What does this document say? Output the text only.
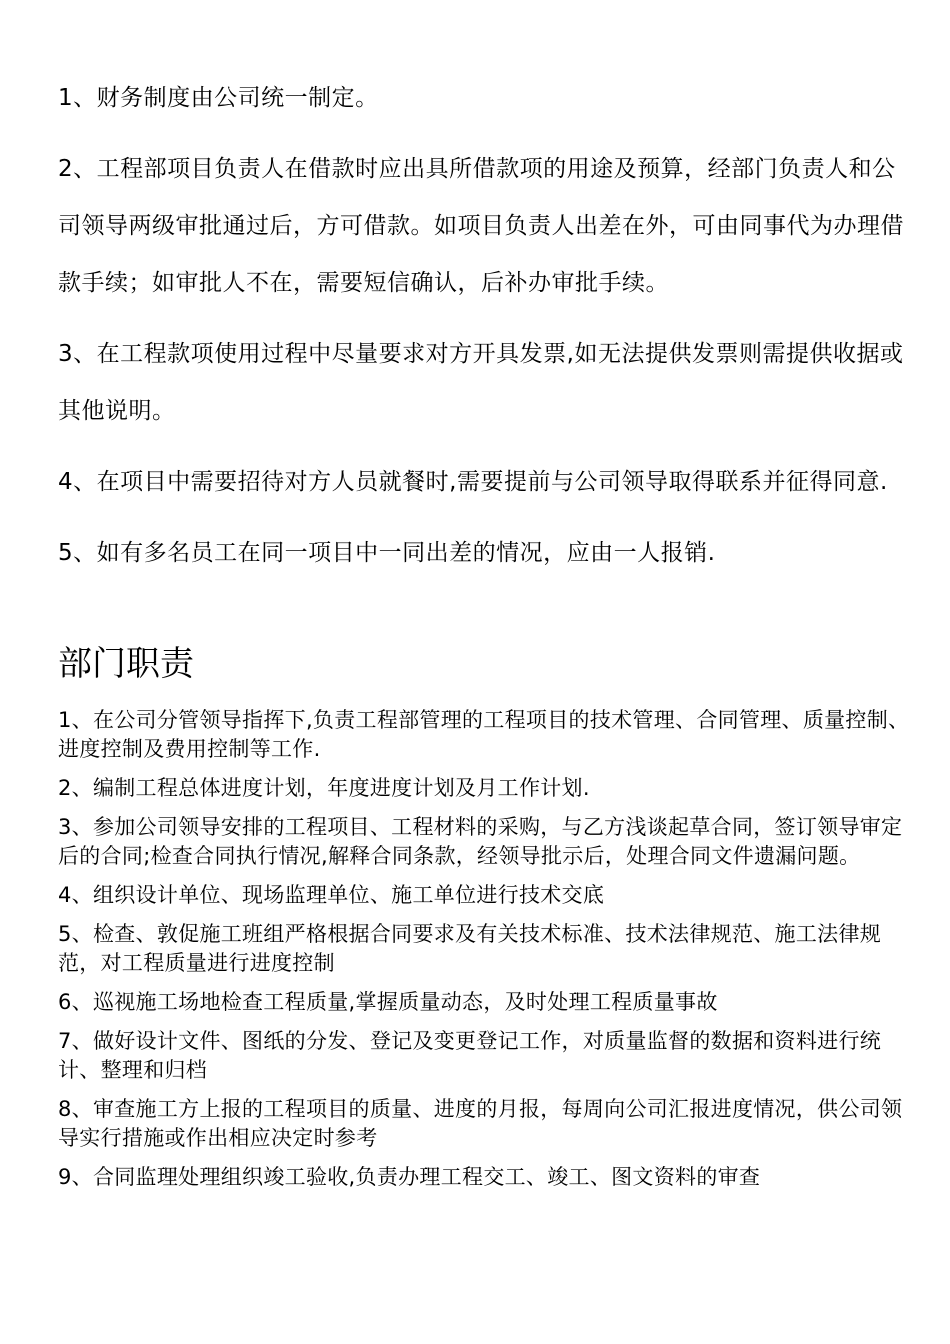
1、财务制度由公司统一制定。

2、工程部项目负责人在借款时应出具所借款项的用途及预算，经部门负责人和公司领导两级审批通过后，方可借款。如项目负责人出差在外，可由同事代为办理借款手续；如审批人不在，需要短信确认，后补办审批手续。

3、在工程款项使用过程中尽量要求对方开具发票,如无法提供发票则需提供收据或其他说明。

4、在项目中需要招待对方人员就餐时,需要提前与公司领导取得联系并征得同意.

5、如有多名员工在同一项目中一同出差的情况，应由一人报销.

部门职责

1、在公司分管领导指挥下,负责工程部管理的工程项目的技术管理、合同管理、质量控制、进度控制及费用控制等工作.

2、编制工程总体进度计划，年度进度计划及月工作计划.

3、参加公司领导安排的工程项目、工程材料的采购，与乙方浅谈起草合同，签订领导审定后的合同;检查合同执行情况,解释合同条款，经领导批示后，处理合同文件遗漏问题。

4、组织设计单位、现场监理单位、施工单位进行技术交底

5、检查、敦促施工班组严格根据合同要求及有关技术标准、技术法律规范、施工法律规范，对工程质量进行进度控制

6、巡视施工场地检查工程质量,掌握质量动态，及时处理工程质量事故

7、做好设计文件、图纸的分发、登记及变更登记工作，对质量监督的数据和资料进行统计、整理和归档

8、审查施工方上报的工程项目的质量、进度的月报，每周向公司汇报进度情况，供公司领导实行措施或作出相应决定时参考

9、合同监理处理组织竣工验收,负责办理工程交工、竣工、图文资料的审查
